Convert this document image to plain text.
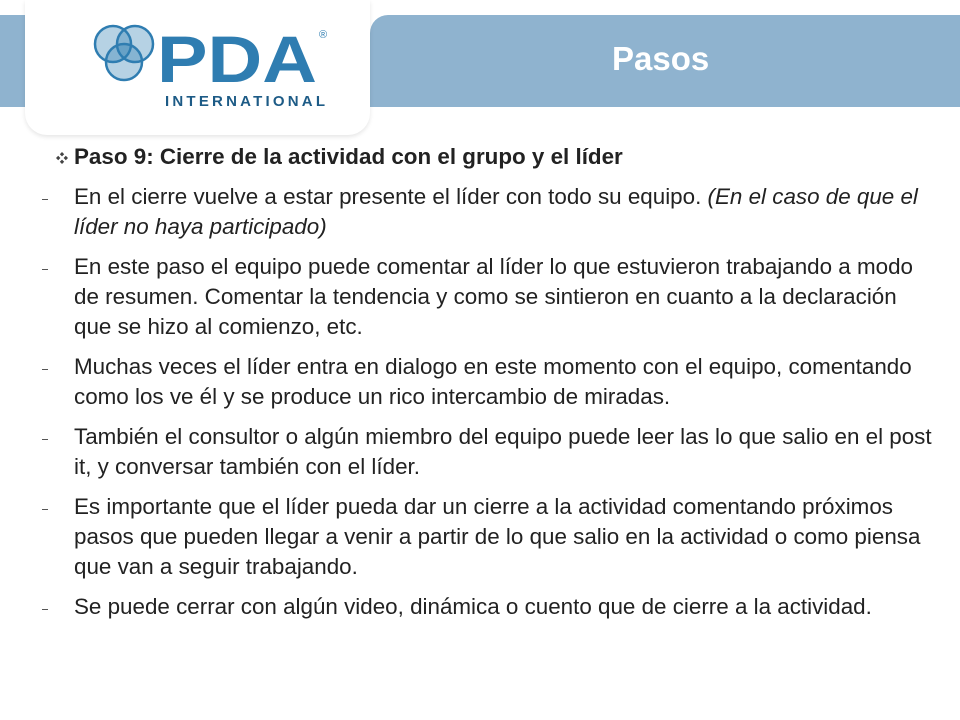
PDA ®
INTERNATIONAL
Pasos
Paso 9: Cierre de la actividad con el grupo y el líder
En el cierre vuelve a estar presente el líder con todo su equipo. (En el caso de que el líder no haya participado)
En este paso el equipo puede comentar al líder lo que estuvieron trabajando a modo de resumen. Comentar la tendencia y como se sintieron en cuanto a la declaración que se hizo al comienzo, etc.
Muchas veces el líder entra en dialogo en este momento con el equipo, comentando como los ve él y se produce un rico intercambio de miradas.
También el consultor o algún miembro del equipo puede leer las lo que salio en el post it, y conversar también con el líder.
Es importante que el líder pueda dar un cierre a la actividad comentando próximos pasos que pueden llegar a venir a partir de lo que salio en la actividad o como piensa que van a seguir trabajando.
Se puede cerrar con algún video, dinámica o cuento que de cierre a la actividad.
